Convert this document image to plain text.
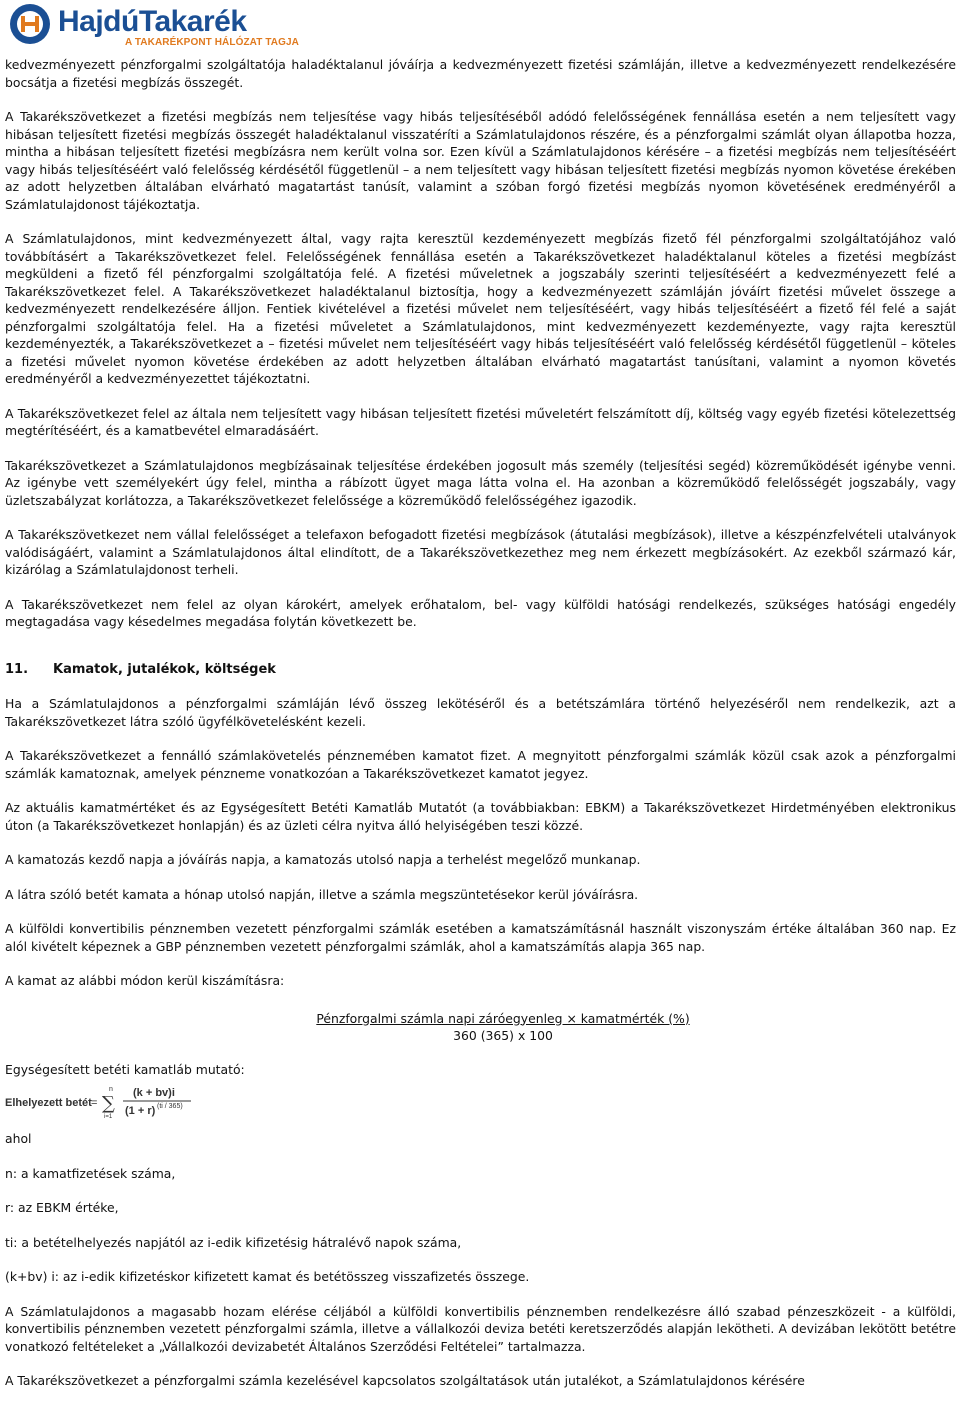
HajdúTakarék
A TAKARÉKPONT HÁLÓZAT TAGJA

kedvezményezett pénzforgalmi szolgáltatója haladéktalanul jóváírja a kedvezményezett fizetési számláján, illetve a kedvezményezett rendelkezésére bocsátja a fizetési megbízás összegét.

A Takarékszövetkezet a fizetési megbízás nem teljesítése vagy hibás teljesítéséből adódó felelősségének fennállása esetén a nem teljesített vagy hibásan teljesített fizetési megbízás összegét haladéktalanul visszatéríti a Számlatulajdonos részére, és a pénzforgalmi számlát olyan állapotba hozza, mintha a hibásan teljesített fizetési megbízásra nem került volna sor. Ezen kívül a Számlatulajdonos kérésére – a fizetési megbízás nem teljesítéséért vagy hibás teljesítéséért való felelősség kérdésétől függetlenül – a nem teljesített vagy hibásan teljesített fizetési megbízás nyomon követése érekében az adott helyzetben általában elvárható magatartást tanúsít, valamint a szóban forgó fizetési megbízás nyomon követésének eredményéről a Számlatulajdonost tájékoztatja.

A Számlatulajdonos, mint kedvezményezett által, vagy rajta keresztül kezdeményezett megbízás fizető fél pénzforgalmi szolgáltatójához való továbbításért a Takarékszövetkezet felel. Felelősségének fennállása esetén a Takarékszövetkezet haladéktalanul köteles a fizetési megbízást megküldeni a fizető fél pénzforgalmi szolgáltatója felé. A fizetési műveletnek a jogszabály szerinti teljesítéséért a kedvezményezett felé a Takarékszövetkezet felel. A Takarékszövetkezet haladéktalanul biztosítja, hogy a kedvezményezett számláján jóváírt fizetési művelet összege a kedvezményezett rendelkezésére álljon. Fentiek kivételével a fizetési művelet nem teljesítéséért, vagy hibás teljesítéséért a fizető fél felé a saját pénzforgalmi szolgáltatója felel. Ha a fizetési műveletet a Számlatulajdonos, mint kedvezményezett kezdeményezte, vagy rajta keresztül kezdeményezték, a Takarékszövetkezet a – fizetési művelet nem teljesítéséért vagy hibás teljesítéséért való felelősség kérdésétől függetlenül – köteles a fizetési művelet nyomon követése érdekében az adott helyzetben általában elvárható magatartást tanúsítani, valamint a nyomon követés eredményéről a kedvezményezettet tájékoztatni.

A Takarékszövetkezet felel az általa nem teljesített vagy hibásan teljesített fizetési műveletért felszámított díj, költség vagy egyéb fizetési kötelezettség megtérítéséért, és a kamatbevétel elmaradásáért.

Takarékszövetkezet a Számlatulajdonos megbízásainak teljesítése érdekében jogosult más személy (teljesítési segéd) közreműködését igénybe venni. Az igénybe vett személyekért úgy felel, mintha a rábízott ügyet maga látta volna el. Ha azonban a közreműködő felelősségét jogszabály, vagy üzletszabályzat korlátozza, a Takarékszövetkezet felelőssége a közreműködő felelősségéhez igazodik.

A Takarékszövetkezet nem vállal felelősséget a telefaxon befogadott fizetési megbízások (átutalási megbízások), illetve a készpénzfelvételi utalványok valódiságáért, valamint a Számlatulajdonos által elindított, de a Takarékszövetkezethez meg nem érkezett megbízásokért. Az ezekből származó kár, kizárólag a Számlatulajdonost terheli.

A Takarékszövetkezet nem felel az olyan károkért, amelyek erőhatalom, bel- vagy külföldi hatósági rendelkezés, szükséges hatósági engedély megtagadása vagy késedelmes megadása folytán következett be.

11. Kamatok, jutalékok, költségek

Ha a Számlatulajdonos a pénzforgalmi számláján lévő összeg lekötéséről és a betétszámlára történő helyezéséről nem rendelkezik, azt a Takarékszövetkezet látra szóló ügyfélkövetelésként kezeli.

A Takarékszövetkezet a fennálló számlakövetelés pénznemében kamatot fizet. A megnyitott pénzforgalmi számlák közül csak azok a pénzforgalmi számlák kamatoznak, amelyek pénzneme vonatkozóan a Takarékszövetkezet kamatot jegyez.

Az aktuális kamatmértéket és az Egységesített Betéti Kamatláb Mutatót (a továbbiakban: EBKM) a Takarékszövetkezet Hirdetményében elektronikus úton (a Takarékszövetkezet honlapján) és az üzleti célra nyitva álló helyiségében teszi közzé.

A kamatozás kezdő napja a jóváírás napja, a kamatozás utolsó napja a terhelést megelőző munkanap.

A látra szóló betét kamata a hónap utolsó napján, illetve a számla megszüntetésekor kerül jóváírásra.

A külföldi konvertibilis pénznemben vezetett pénzforgalmi számlák esetében a kamatszámításnál használt viszonyszám értéke általában 360 nap. Ez alól kivételt képeznek a GBP pénznemben vezetett pénzforgalmi számlák, ahol a kamatszámítás alapja 365 nap.

A kamat az alábbi módon kerül kiszámításra:

Pénzforgalmi számla napi záróegyenleg × kamatmérték (%)
360 (365) x 100

Egységesített betéti kamatláb mutató:

Elhelyezett betét =
n
∑
i=1
(k + bv)i
(1 + r) (ti / 365)

ahol

n: a kamatfizetések száma,

r: az EBKM értéke,

ti: a betételhelyezés napjától az i-edik kifizetésig hátralévő napok száma,

(k+bv) i: az i-edik kifizetéskor kifizetett kamat és betétösszeg visszafizetés összege.

A Számlatulajdonos a magasabb hozam elérése céljából a külföldi konvertibilis pénznemben rendelkezésre álló szabad pénzeszközeit - a külföldi, konvertibilis pénznemben vezetett pénzforgalmi számla, illetve a vállalkozói deviza betéti keretszerződés alapján lekötheti. A devizában lekötött betétre vonatkozó feltételeket a „Vállalkozói devizabetét Általános Szerződési Feltételei” tartalmazza.

A Takarékszövetkezet a pénzforgalmi számla kezelésével kapcsolatos szolgáltatások után jutalékot, a Számlatulajdonos kérésére
